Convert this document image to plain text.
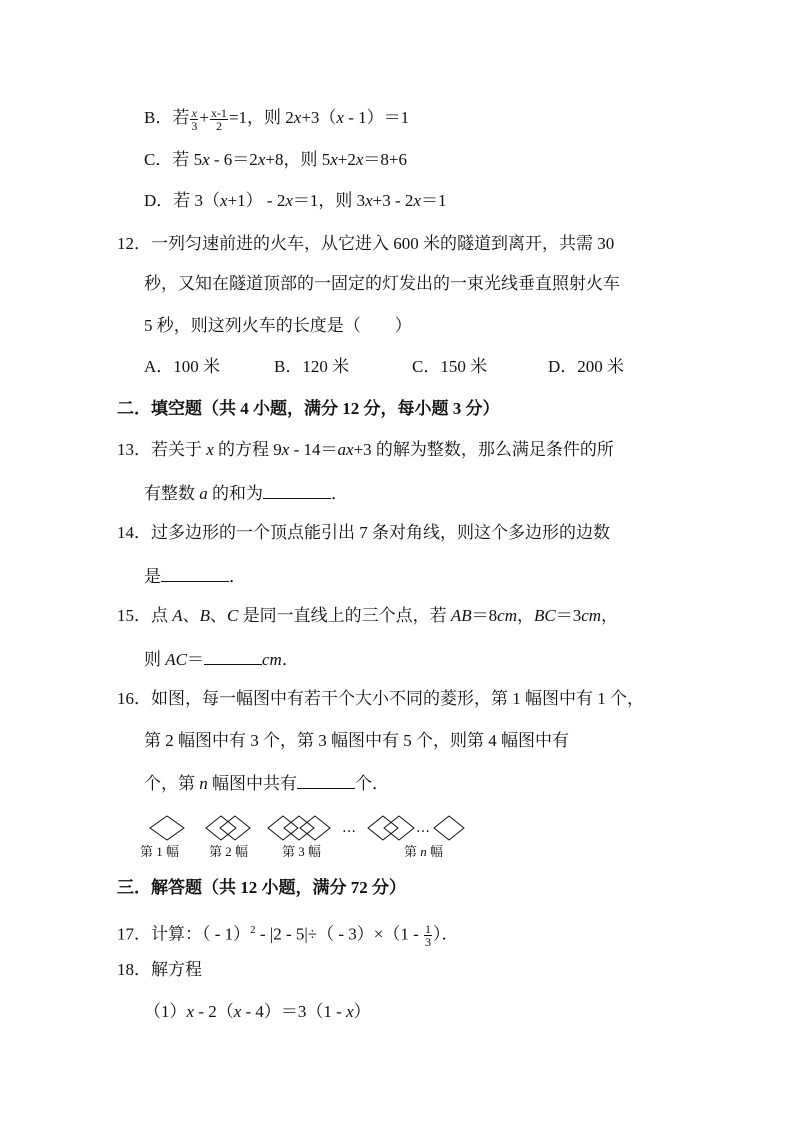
B．若 $\frac{x}{3} + \frac{x-1}{2} =1$，则 2x+3（x - 1）＝1
C．若 5x - 6＝2x+8，则 5x+2x＝8+6
D．若 3（x+1） - 2x＝1，则 3x+3 - 2x＝1
12．一列匀速前进的火车，从它进入 600 米的隧道到离开，共需 30
秒，又知在隧道顶部的一固定的灯发出的一束光线垂直照射火车
5 秒，则这列火车的长度是（　　）
A．100 米	B．120 米	C．150 米	D．200 米
二．填空题（共 4 小题，满分 12 分，每小题 3 分）
13．若关于 x 的方程 9x - 14＝ax+3 的解为整数，那么满足条件的所
有整数 a 的和为	．
14．过多边形的一个顶点能引出 7 条对角线，则这个多边形的边数
是	．
15．点 A、B、C 是同一直线上的三个点，若 AB＝8cm，BC＝3cm，
则 AC＝	cm．
16．如图，每一幅图中有若干个大小不同的菱形，第 1 幅图中有 1 个，
第 2 幅图中有 3 个，第 3 幅图中有 5 个，则第 4 幅图中有
个，第 n 幅图中共有	个．
…	…
第 1 幅 第 2 幅	第 3 幅	第 n 幅
三．解答题（共 12 小题，满分 72 分）
17．计算：（ - $1)^2 - |2 - 5|\div( - 3)\times(1 - \frac{1}{3}$ ）．
18．解方程
（1）x - 2（x - 4）＝3（1 - x）
